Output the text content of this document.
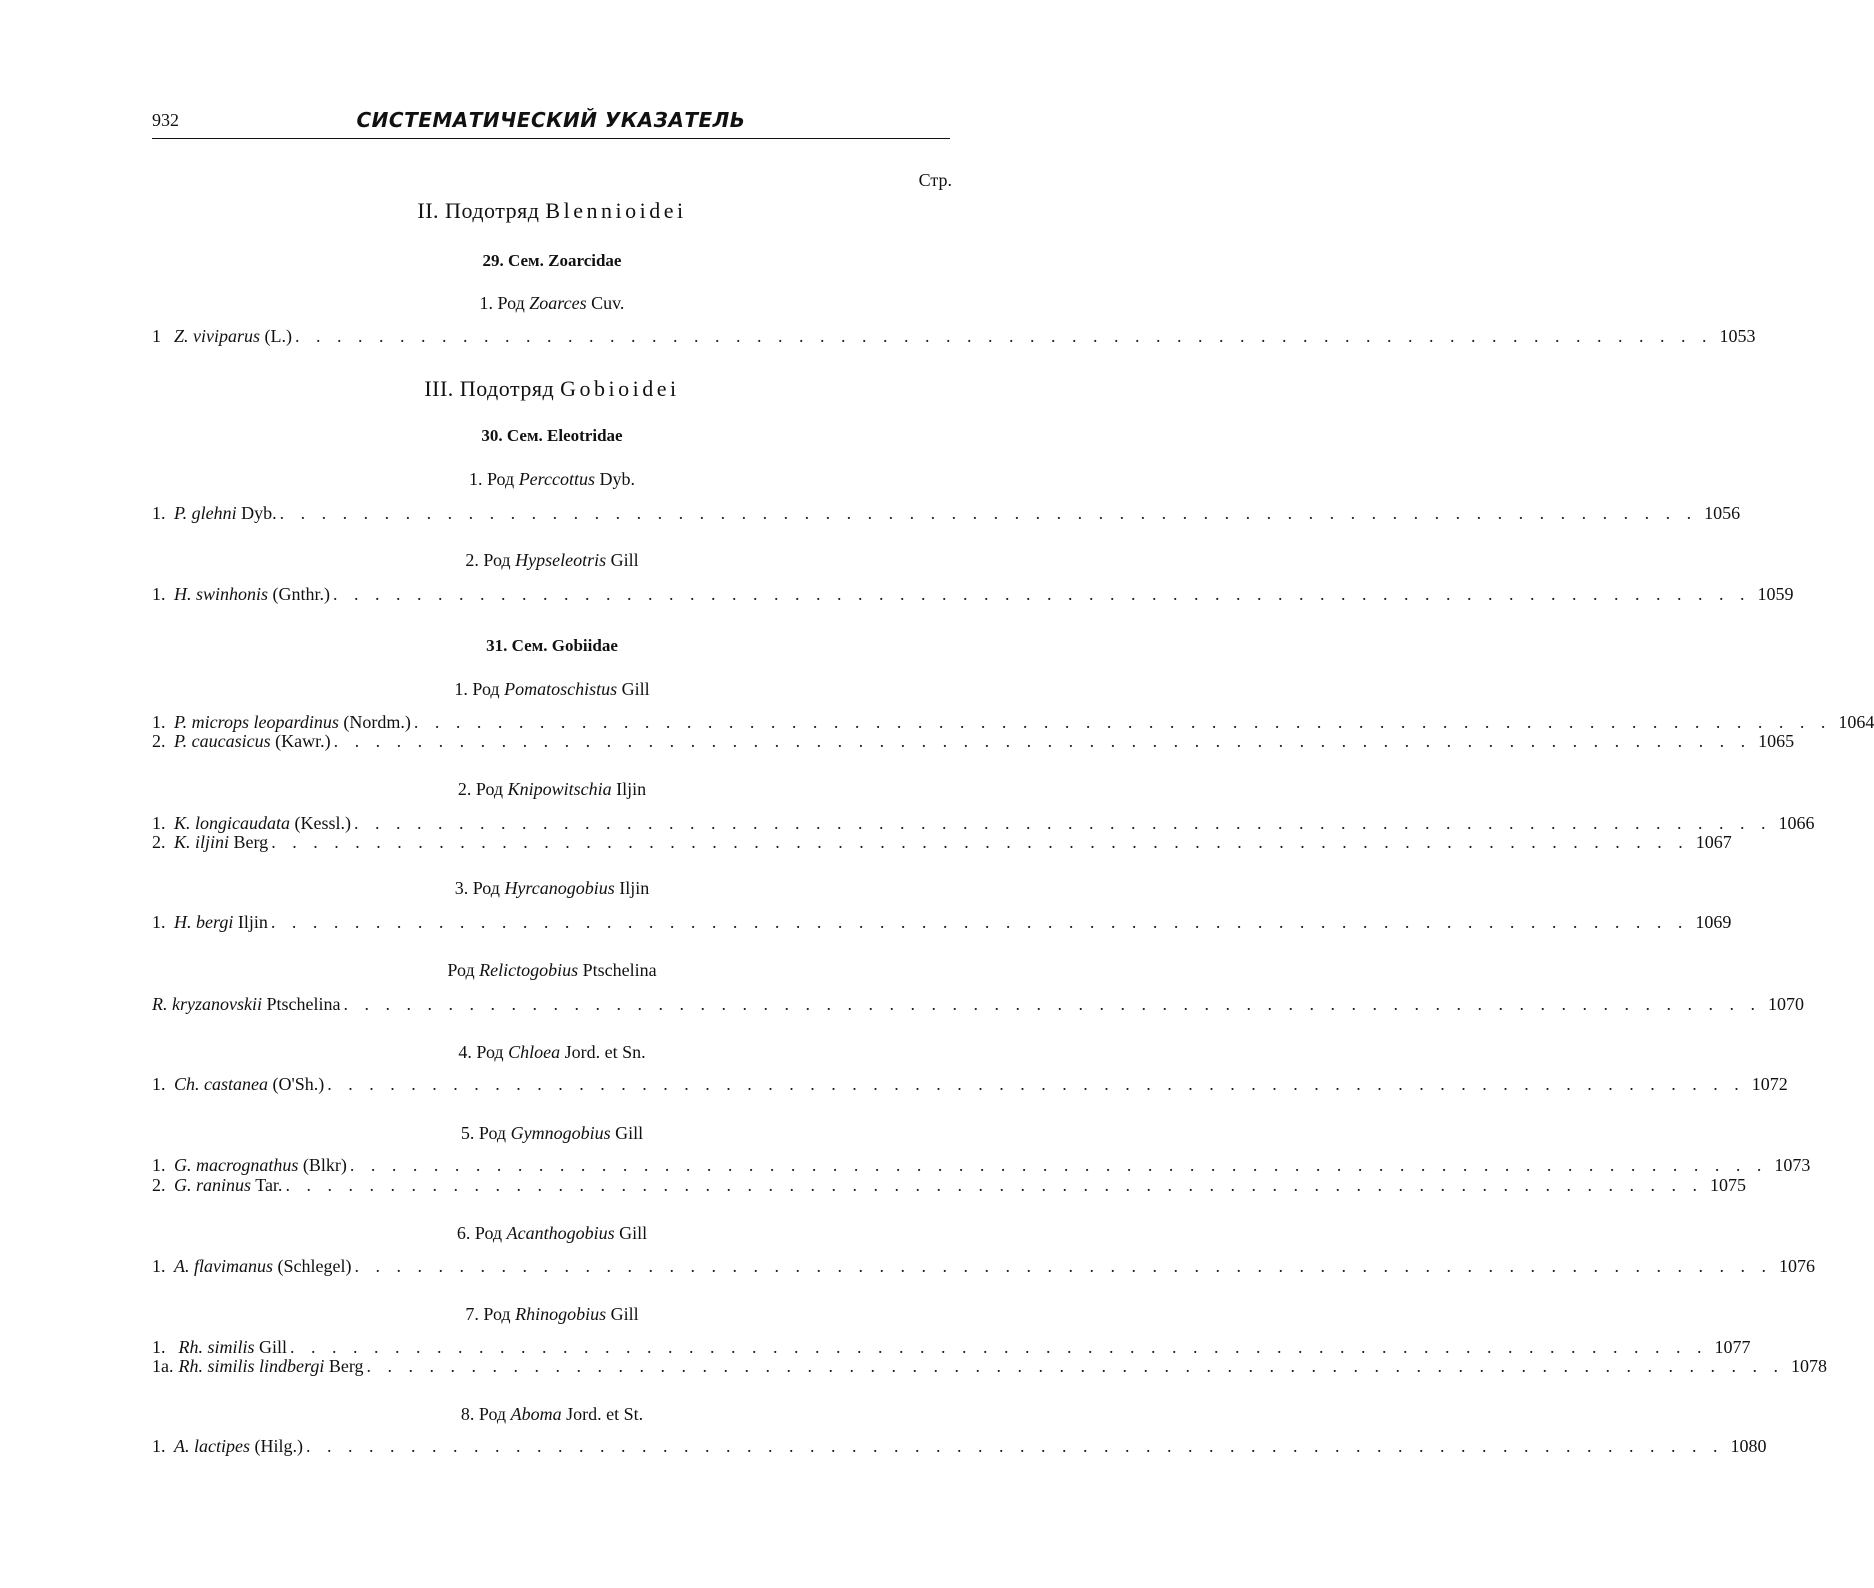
932	СИСТЕМАТИЧЕСКИЙ УКАЗАТЕЛЬ
Стр.
II. Подотряд Blennioidei
29. Сем. Zoarcidae
1. Род Zoarces Cuv.
1 Z. viviparus (L.) . . . . . . . . . . . . . . . . . . . . . . . . . . . . . . . . . . . . . . . . . . . . . . . . . . . . . . . . . . . . . . . . . . . . 1053
III. Подотряд Gobioidei
30. Сем. Eleotridae
1. Род Perccottus Dyb.
1. P. glehni Dyb. . . . . . . . . . . . . . . . . . . . . . . . . . . . . . . . . . . . . . . . . . . . . . . . . . . . . . . . . . . . . . . . . . . . . 1056
2. Род Hypseleotris Gill
1. H. swinhonis (Gnthr.) . . . . . . . . . . . . . . . . . . . . . . . . . . . . . . . . . . . . . . . . . . . . . . . . . . . . . . . . . . . . . . . . . . . . 1059
31. Сем. Gobiidae
1. Род Pomatoschistus Gill
1. P. microps leopardinus (Nordm.) . . . . . . . . . . . . . . . . . . . . . . . . . . . . . . . . . . . . . . . . . . . . . . . . . . . . . . . . . . . . . . . . . . . . 1064
2. P. caucasicus (Kawr.) . . . . . . . . . . . . . . . . . . . . . . . . . . . . . . . . . . . . . . . . . . . . . . . . . . . . . . . . . . . . . . . . . . . . 1065
2. Род Knipowitschia Iljin
1. K. longicaudata (Kessl.) . . . . . . . . . . . . . . . . . . . . . . . . . . . . . . . . . . . . . . . . . . . . . . . . . . . . . . . . . . . . . . . . . . . . 1066
2. K. iljini Berg . . . . . . . . . . . . . . . . . . . . . . . . . . . . . . . . . . . . . . . . . . . . . . . . . . . . . . . . . . . . . . . . . . . . 1067
3. Род Hyrcanogobius Iljin
1. H. bergi Iljin . . . . . . . . . . . . . . . . . . . . . . . . . . . . . . . . . . . . . . . . . . . . . . . . . . . . . . . . . . . . . . . . . . . . 1069
Род Relictogobius Ptschelina
R. kryzanovskii Ptschelina . . . . . . . . . . . . . . . . . . . . . . . . . . . . . . . . . . . . . . . . . . . . . . . . . . . . . . . . . . . . . . . . . . . . 1070
4. Род Chloea Jord. et Sn.
1. Ch. castanea (O'Sh.) . . . . . . . . . . . . . . . . . . . . . . . . . . . . . . . . . . . . . . . . . . . . . . . . . . . . . . . . . . . . . . . . . . . . 1072
5. Род Gymnogobius Gill
1. G. macrognathus (Blkr) . . . . . . . . . . . . . . . . . . . . . . . . . . . . . . . . . . . . . . . . . . . . . . . . . . . . . . . . . . . . . . . . . . . . 1073
2. G. raninus Tar. . . . . . . . . . . . . . . . . . . . . . . . . . . . . . . . . . . . . . . . . . . . . . . . . . . . . . . . . . . . . . . . . . . . . 1075
6. Род Acanthogobius Gill
1. A. flavimanus (Schlegel) . . . . . . . . . . . . . . . . . . . . . . . . . . . . . . . . . . . . . . . . . . . . . . . . . . . . . . . . . . . . . . . . . . . . 1076
7. Род Rhinogobius Gill
1. Rh. similis Gill . . . . . . . . . . . . . . . . . . . . . . . . . . . . . . . . . . . . . . . . . . . . . . . . . . . . . . . . . . . . . . . . . . . . 1077
1a. Rh. similis lindbergi Berg . . . . . . . . . . . . . . . . . . . . . . . . . . . . . . . . . . . . . . . . . . . . . . . . . . . . . . . . . . . . . . . . . . . . 1078
8. Род Aboma Jord. et St.
1. A. lactipes (Hilg.) . . . . . . . . . . . . . . . . . . . . . . . . . . . . . . . . . . . . . . . . . . . . . . . . . . . . . . . . . . . . . . . . . . . . 1080
